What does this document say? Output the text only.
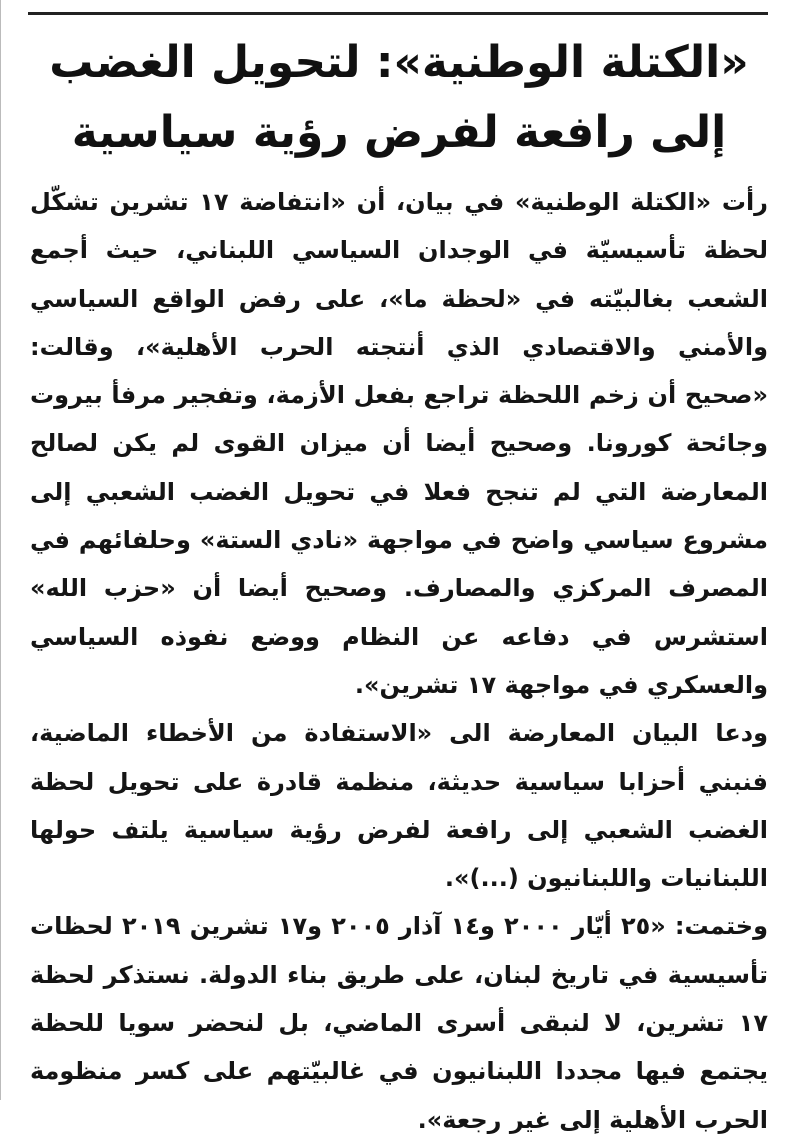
«الكتلة الوطنية»: لتحويل الغضب إلى رافعة لفرض رؤية سياسية

رأت «الكتلة الوطنية» في بيان، أن «انتفاضة ١٧ تشرين تشكّل لحظة تأسيسيّة في الوجدان السياسي اللبناني، حيث أجمع الشعب بغالبيّته في «لحظة ما»، على رفض الواقع السياسي والأمني والاقتصادي الذي أنتجته الحرب الأهلية»، وقالت: «صحيح أن زخم اللحظة تراجع بفعل الأزمة، وتفجير مرفأ بيروت وجائحة كورونا. وصحيح أيضا أن ميزان القوى لم يكن لصالح المعارضة التي لم تنجح فعلا في تحويل الغضب الشعبي إلى مشروع سياسي واضح في مواجهة «نادي الستة» وحلفائهم في المصرف المركزي والمصارف. وصحيح أيضا أن «حزب الله» استشرس في دفاعه عن النظام ووضع نفوذه السياسي والعسكري في مواجهة ١٧ تشرين».

ودعا البيان المعارضة الى «الاستفادة من الأخطاء الماضية، فنبني أحزابا سياسية حديثة، منظمة قادرة على تحويل لحظة الغضب الشعبي إلى رافعة لفرض رؤية سياسية يلتف حولها اللبنانيات واللبنانيون (...)».

وختمت: «٢٥ أيّار ٢٠٠٠ و١٤ آذار ٢٠٠٥ و١٧ تشرين ٢٠١٩ لحظات تأسيسية في تاريخ لبنان، على طريق بناء الدولة. نستذكر لحظة ١٧ تشرين، لا لنبقى أسرى الماضي، بل لنحضر سويا للحظة يجتمع فيها مجددا اللبنانيون في غالبيّتهم على كسر منظومة الحرب الأهلية إلى غير رجعة».
